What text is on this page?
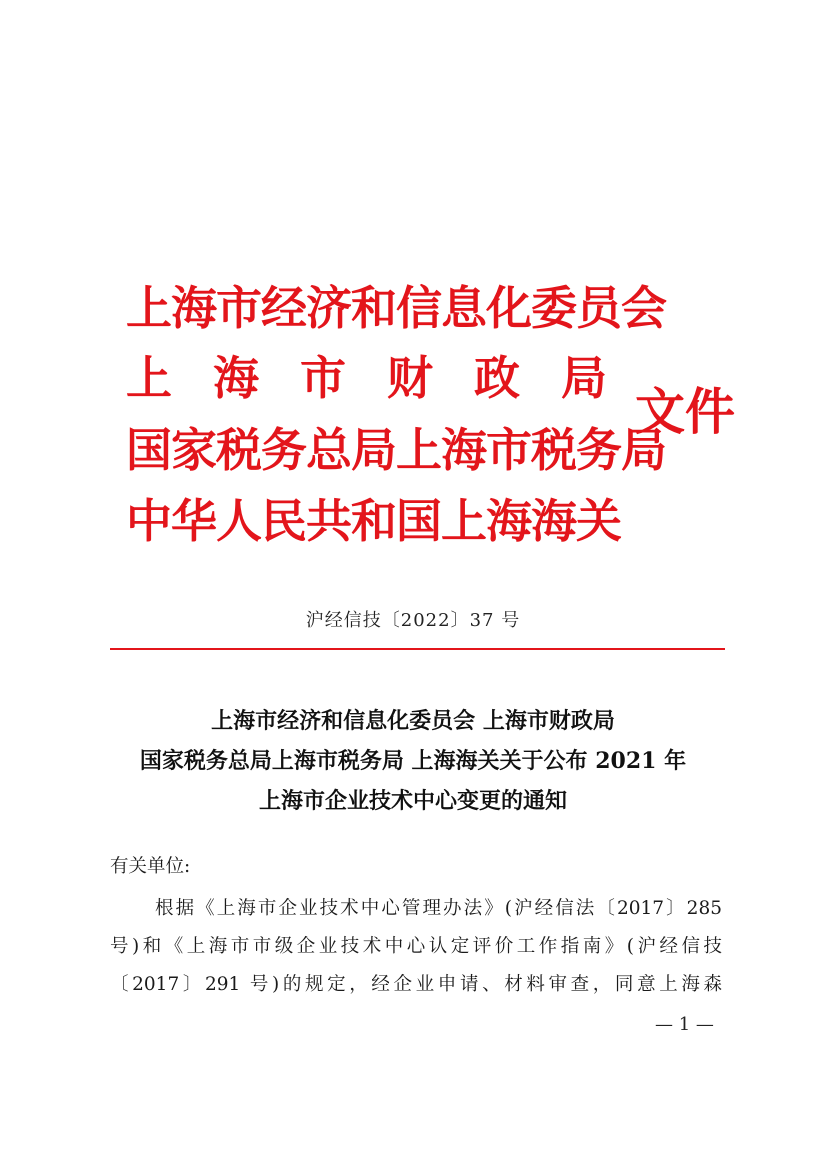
上海市经济和信息化委员会
上海市财政局
国家税务总局上海市税务局
中华人民共和国上海海关
文件
沪经信技〔2022〕37 号
上海市经济和信息化委员会 上海市财政局
国家税务总局上海市税务局 上海海关关于公布 2021 年
上海市企业技术中心变更的通知
有关单位:
根据《上海市企业技术中心管理办法》(沪经信法〔2017〕285
号)和《上海市市级企业技术中心认定评价工作指南》(沪经信技
〔2017〕291 号)的规定，经企业申请、材料审查，同意上海森
— 1 —
